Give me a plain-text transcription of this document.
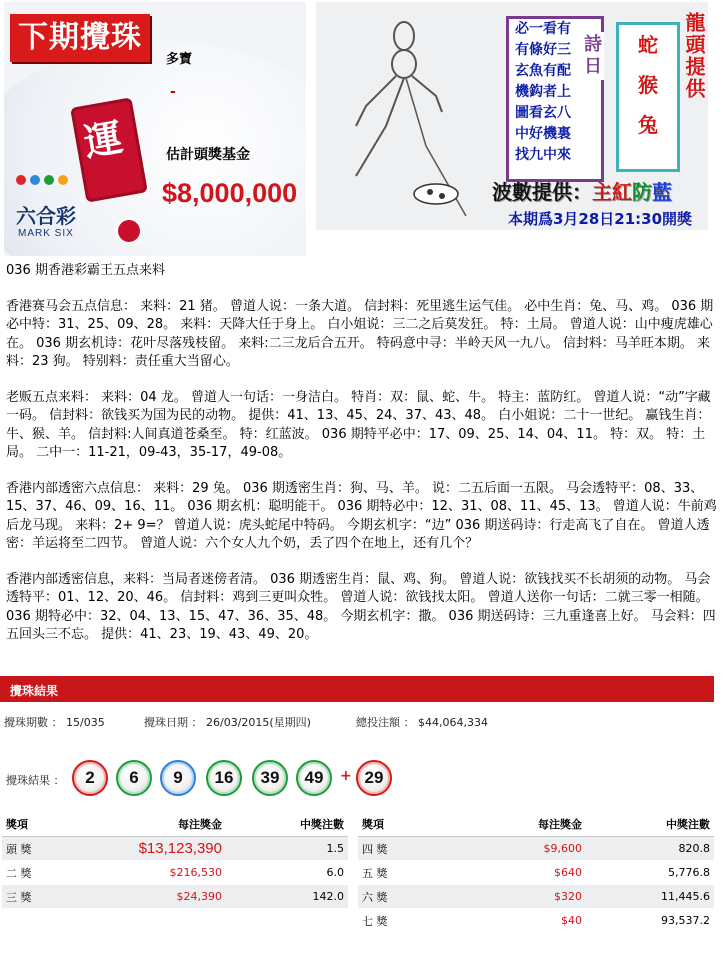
下期攪珠
多寶
-
估計頭獎基金
$8,000,000
運
六合彩
MARK SIX
必一看有
有條好三
玄魚有配
機鈎者上
圖看玄八
中好機裏
找九中來
詩日	蛇
猴
兔
龍頭提供
波數提供：主紅防藍
本期爲3月28日21:30開獎

036 期香港彩霸王五点来料

香港赛马会五点信息： 来料：21 猪。 曾道人说：一条大道。 信封料：死里逃生运气佳。 必中生肖：兔、马、鸡。 036 期必中特：31、25、09、28。 来料：天降大任于身上。 白小姐说：三二之后莫发狂。 特：土局。 曾道人说：山中瘦虎雄心在。 036 期玄机诗：花叶尽落残枝留。 来料:二三龙后合五开。 特码意中寻：半岭天风一九八。 信封料：马羊旺本期。 来料：23 狗。 特别料：责任重大当留心。

老贩五点来料： 来料：04 龙。 曾道人一句话：一身洁白。 特肖：双：鼠、蛇、牛。 特主：蓝防红。 曾道人说：“动”字藏一码。 信封料：欲钱买为国为民的动物。 提供：41、13、45、24、37、43、48。 白小姐说：二十一世纪。 赢钱生肖：牛、猴、羊。 信封料:人间真道苍桑至。 特：红蓝波。 036 期特平必中：17、09、25、14、04、11。 特：双。 特：土局。 二中一：11-21，09-43，35-17，49-08。

香港内部透密六点信息： 来料：29 兔。 036 期透密生肖：狗、马、羊。 说：二五后面一五限。 马会透特平：08、33、15、37、46、09、16、11。 036 期玄机：聪明能干。 036 期特必中：12、31、08、11、45、13。 曾道人说：牛前鸡后龙马现。 来料：2+ 9=？ 曾道人说：虎头蛇尾中特码。 今期玄机字：“边” 036 期送码诗：行走高飞了自在。 曾道人透密：羊运将至二四节。 曾道人说：六个女人九个奶，丢了四个在地上，还有几个？

香港内部透密信息，来料：当局者迷傍者清。 036 期透密生肖：鼠、鸡、狗。 曾道人说：欲钱找买不长胡须的动物。 马会透特平：01、12、20、46。 信封料：鸡到三更叫众牲。 曾道人说：欲钱找太阳。 曾道人送你一句话：二就三零一相随。 036 期特必中：32、04、13、15、47、36、35、48。 今期玄机字：撒。 036 期送码诗：三九重逢喜上好。 马会料：四五回头三不忘。 提供：41、23、19、43、49、20。

攪珠結果
攪珠期數 ： 15/035	攪珠日期 ： 26/03/2015(星期四)	總投注額 ： $44,064,334
攪珠結果 ：	2	6	9	16	39	49	+ 29
獎項	每注獎金	中獎注數
頭 獎	$13,123,390	1.5
二 獎	$216,530	6.0
三 獎	$24,390	142.0
獎項	每注獎金	中獎注數
四 獎	$9,600	820.8
五 獎	$640	5,776.8
六 獎	$320	11,445.6
七 獎	$40	93,537.2
